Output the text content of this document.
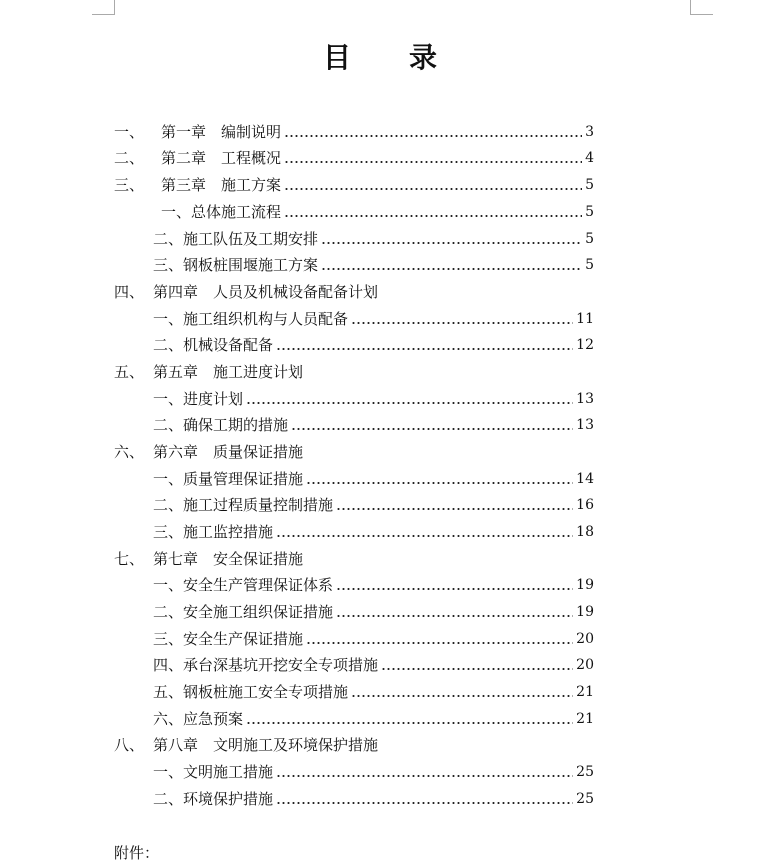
目 录
一、 第一章　编制说明	3
二、 第二章　工程概况	4
三、 第三章　施工方案	5
一、总体施工流程	5
二、施工队伍及工期安排	5
三、钢板桩围堰施工方案	5
四、 第四章　人员及机械设备配备计划
一、施工组织机构与人员配备	11
二、机械设备配备	12
五、 第五章　施工进度计划
一、进度计划	13
二、确保工期的措施	13
六、 第六章　质量保证措施
一、质量管理保证措施	14
二、施工过程质量控制措施	16
三、施工监控措施	18
七、 第七章　安全保证措施
一、安全生产管理保证体系	19
二、安全施工组织保证措施	19
三、安全生产保证措施	20
四、承台深基坑开挖安全专项措施	20
五、钢板桩施工安全专项措施	21
六、应急预案	21
八、 第八章　文明施工及环境保护措施
一、文明施工措施	25
二、环境保护措施	25
附件：
